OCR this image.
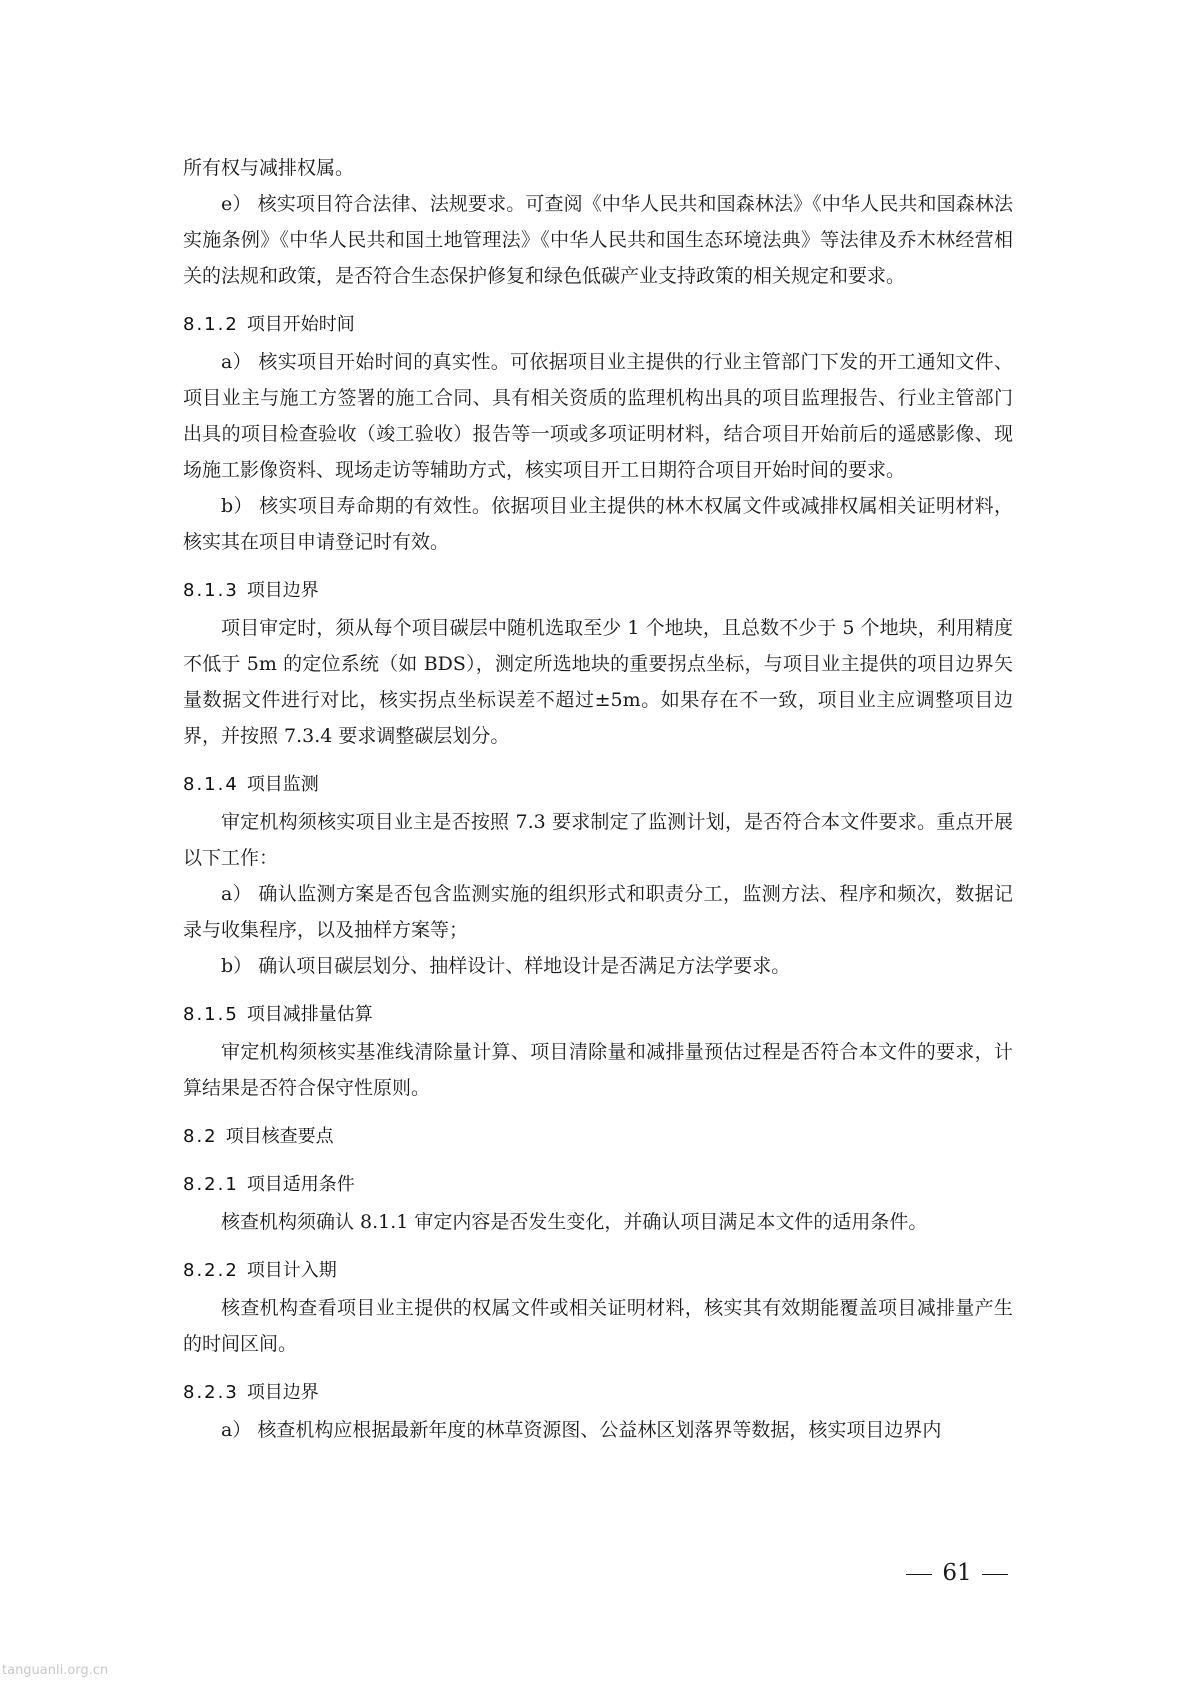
所有权与减排权属。

e） 核实项目符合法律、法规要求。可查阅《中华人民共和国森林法》《中华人民共和国森林法实施条例》《中华人民共和国土地管理法》《中华人民共和国生态环境法典》等法律及乔木林经营相关的法规和政策，是否符合生态保护修复和绿色低碳产业支持政策的相关规定和要求。

8.1.2 项目开始时间

a） 核实项目开始时间的真实性。可依据项目业主提供的行业主管部门下发的开工通知文件、项目业主与施工方签署的施工合同、具有相关资质的监理机构出具的项目监理报告、行业主管部门出具的项目检查验收（竣工验收）报告等一项或多项证明材料，结合项目开始前后的遥感影像、现场施工影像资料、现场走访等辅助方式，核实项目开工日期符合项目开始时间的要求。

b） 核实项目寿命期的有效性。依据项目业主提供的林木权属文件或减排权属相关证明材料，核实其在项目申请登记时有效。

8.1.3 项目边界

项目审定时，须从每个项目碳层中随机选取至少 1 个地块，且总数不少于 5 个地块，利用精度不低于 5m 的定位系统（如 BDS），测定所选地块的重要拐点坐标，与项目业主提供的项目边界矢量数据文件进行对比，核实拐点坐标误差不超过±5m。如果存在不一致，项目业主应调整项目边界，并按照 7.3.4 要求调整碳层划分。

8.1.4 项目监测

审定机构须核实项目业主是否按照 7.3 要求制定了监测计划，是否符合本文件要求。重点开展以下工作：

a） 确认监测方案是否包含监测实施的组织形式和职责分工，监测方法、程序和频次，数据记录与收集程序，以及抽样方案等；

b） 确认项目碳层划分、抽样设计、样地设计是否满足方法学要求。

8.1.5 项目减排量估算

审定机构须核实基准线清除量计算、项目清除量和减排量预估过程是否符合本文件的要求，计算结果是否符合保守性原则。

8.2 项目核查要点
8.2.1 项目适用条件

核查机构须确认 8.1.1 审定内容是否发生变化，并确认项目满足本文件的适用条件。

8.2.2 项目计入期

核查机构查看项目业主提供的权属文件或相关证明材料，核实其有效期能覆盖项目减排量产生的时间区间。

8.2.3 项目边界

a） 核查机构应根据最新年度的林草资源图、公益林区划落界等数据，核实项目边界内

61
tanguanli.org.cn
